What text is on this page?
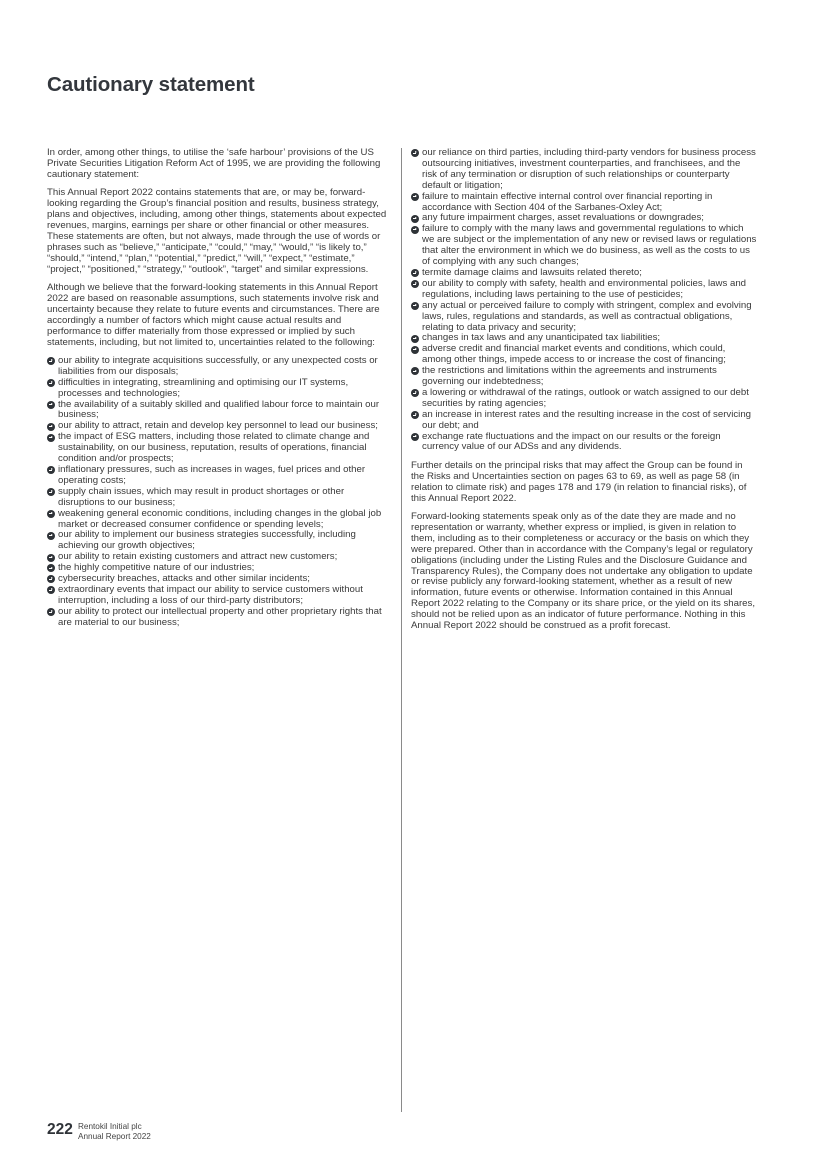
Cautionary statement

In order, among other things, to utilise the ‘safe harbour’ provisions of the US Private Securities Litigation Reform Act of 1995, we are providing the following cautionary statement:

This Annual Report 2022 contains statements that are, or may be, forward-looking regarding the Group’s financial position and results, business strategy, plans and objectives, including, among other things, statements about expected revenues, margins, earnings per share or other financial or other measures. These statements are often, but not always, made through the use of words or phrases such as “believe,” “anticipate,” “could,” “may,” “would,” “is likely to,” “should,” “intend,” “plan,” “potential,” “predict,” “will,” “expect,” “estimate,” “project,” “positioned,” “strategy,” “outlook”, “target” and similar expressions.

Although we believe that the forward-looking statements in this Annual Report 2022 are based on reasonable assumptions, such statements involve risk and uncertainty because they relate to future events and circumstances. There are accordingly a number of factors which might cause actual results and performance to differ materially from those expressed or implied by such statements, including, but not limited to, uncertainties related to the following:

our ability to integrate acquisitions successfully, or any unexpected costs or liabilities from our disposals;
difficulties in integrating, streamlining and optimising our IT systems, processes and technologies;
the availability of a suitably skilled and qualified labour force to maintain our business;
our ability to attract, retain and develop key personnel to lead our business;
the impact of ESG matters, including those related to climate change and sustainability, on our business, reputation, results of operations, financial condition and/or prospects;
inflationary pressures, such as increases in wages, fuel prices and other operating costs;
supply chain issues, which may result in product shortages or other disruptions to our business;
weakening general economic conditions, including changes in the global job market or decreased consumer confidence or spending levels;
our ability to implement our business strategies successfully, including achieving our growth objectives;
our ability to retain existing customers and attract new customers;
the highly competitive nature of our industries;
cybersecurity breaches, attacks and other similar incidents;
extraordinary events that impact our ability to service customers without interruption, including a loss of our third-party distributors;
our ability to protect our intellectual property and other proprietary rights that are material to our business;
our reliance on third parties, including third-party vendors for business process outsourcing initiatives, investment counterparties, and franchisees, and the risk of any termination or disruption of such relationships or counterparty default or litigation;
failure to maintain effective internal control over financial reporting in accordance with Section 404 of the Sarbanes-Oxley Act;
any future impairment charges, asset revaluations or downgrades;
failure to comply with the many laws and governmental regulations to which we are subject or the implementation of any new or revised laws or regulations that alter the environment in which we do business, as well as the costs to us of complying with any such changes;
termite damage claims and lawsuits related thereto;
our ability to comply with safety, health and environmental policies, laws and regulations, including laws pertaining to the use of pesticides;
any actual or perceived failure to comply with stringent, complex and evolving laws, rules, regulations and standards, as well as contractual obligations, relating to data privacy and security;
changes in tax laws and any unanticipated tax liabilities;
adverse credit and financial market events and conditions, which could, among other things, impede access to or increase the cost of financing;
the restrictions and limitations within the agreements and instruments governing our indebtedness;
a lowering or withdrawal of the ratings, outlook or watch assigned to our debt securities by rating agencies;
an increase in interest rates and the resulting increase in the cost of servicing our debt; and
exchange rate fluctuations and the impact on our results or the foreign currency value of our ADSs and any dividends.

Further details on the principal risks that may affect the Group can be found in the Risks and Uncertainties section on pages 63 to 69, as well as page 58 (in relation to climate risk) and pages 178 and 179 (in relation to financial risks), of this Annual Report 2022.

Forward-looking statements speak only as of the date they are made and no representation or warranty, whether express or implied, is given in relation to them, including as to their completeness or accuracy or the basis on which they were prepared. Other than in accordance with the Company’s legal or regulatory obligations (including under the Listing Rules and the Disclosure Guidance and Transparency Rules), the Company does not undertake any obligation to update or revise publicly any forward-looking statement, whether as a result of new information, future events or otherwise. Information contained in this Annual Report 2022 relating to the Company or its share price, or the yield on its shares, should not be relied upon as an indicator of future performance. Nothing in this Annual Report 2022 should be construed as a profit forecast.

222 Rentokil Initial plc
Annual Report 2022
